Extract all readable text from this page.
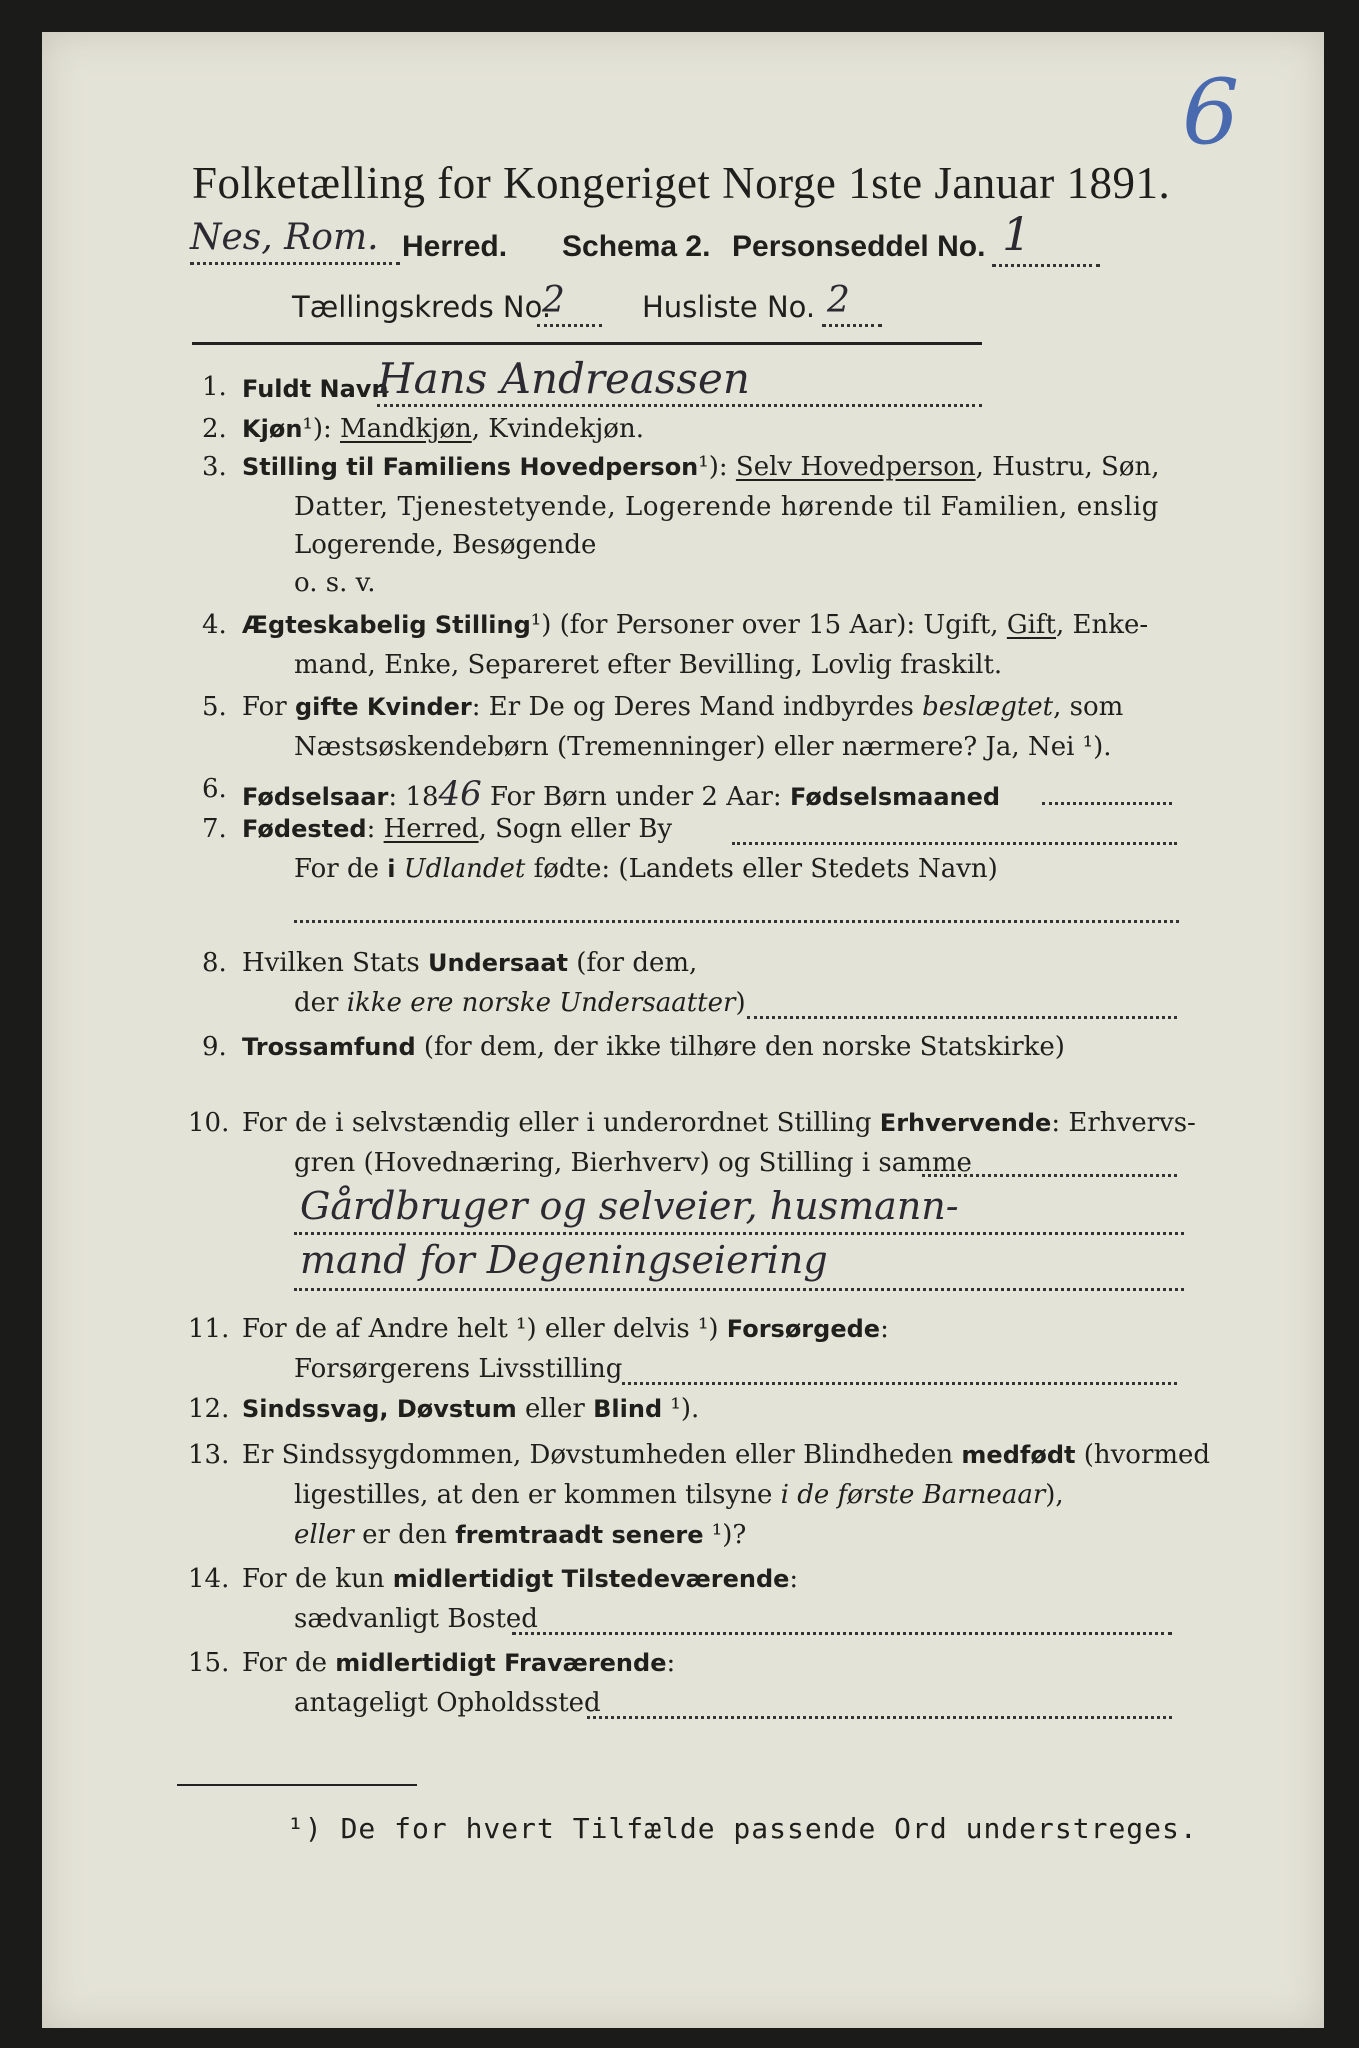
Folketælling for Kongeriget Norge 1ste Januar 1891.
6
Nes, Rom. Herred. Schema 2. Personseddel No. 1
Tællingskreds No.
2	Husliste No. 2
1. Fuldt Navn
Hans Andreassen
2. Kjøn¹): Mandkjøn, Kvindekjøn.
3. Stilling til Familiens Hovedperson¹): Selv Hovedperson, Hustru, Søn,
Datter, Tjenestetyende, Logerende hørende til Familien, enslig
Logerende, Besøgende
o. s. v.
4. Ægteskabelig Stilling¹) (for Personer over 15 Aar): Ugift, Gift, Enke-
mand, Enke, Separeret efter Bevilling, Lovlig fraskilt.
5. For gifte Kvinder: Er De og Deres Mand indbyrdes beslægtet, som
Næstsøskendebørn (Tremenninger) eller nærmere? Ja, Nei ¹).
6. Fødselsaar: 1846 For Børn under 2 Aar: Fødselsmaaned
7. Fødested: Herred, Sogn eller By
For de i Udlandet fødte: (Landets eller Stedets Navn)
8. Hvilken Stats Undersaat (for dem,
der ikke ere norske Undersaatter)
9. Trossamfund (for dem, der ikke tilhøre den norske Statskirke)
10. For de i selvstændig eller i underordnet Stilling Erhvervende: Erhvervs-
gren (Hovednæring, Bierhverv) og Stilling i samme
Gårdbruger og selveier, husmann-
mand for Degeningseiering
11. For de af Andre helt ¹) eller delvis ¹) Forsørgede:
Forsørgerens Livsstilling
12. Sindssvag, Døvstum eller Blind ¹).
13. Er Sindssygdommen, Døvstumheden eller Blindheden medfødt (hvormed
ligestilles, at den er kommen tilsyne i de første Barneaar),
eller er den fremtraadt senere ¹)?
14. For de kun midlertidigt Tilstedeværende:
sædvanligt Bosted
15. For de midlertidigt Fraværende:
antageligt Opholdssted
¹) De for hvert Tilfælde passende Ord understreges.
